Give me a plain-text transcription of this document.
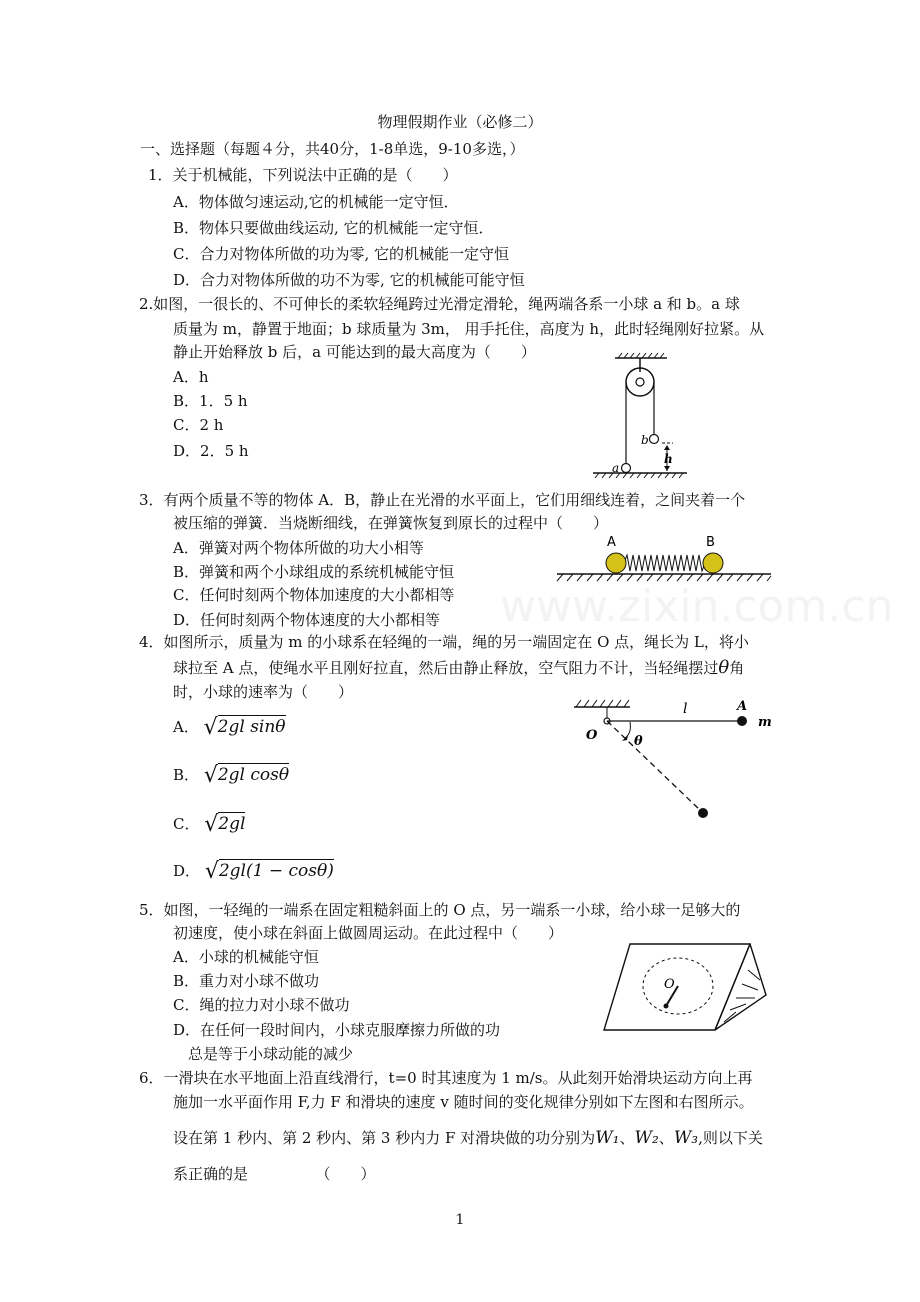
物理假期作业（必修二）
一、选择题（每题４分，共40分，1-8单选，9-10多选，）
1．关于机械能，下列说法中正确的是（　　）
A．物体做匀速运动,它的机械能一定守恒．
B．物体只要做曲线运动, 它的机械能一定守恒．
C．合力对物体所做的功为零, 它的机械能一定守恒
D．合力对物体所做的功不为零, 它的机械能可能守恒
2.如图，一很长的、不可伸长的柔软轻绳跨过光滑定滑轮，绳两端各系一小球 a 和 b。a 球
质量为 m，静置于地面；b 球质量为 3m， 用手托住，高度为 h，此时轻绳刚好拉紧。从
静止开始释放 b 后，a 可能达到的最大高度为（　　）
A．h
B．1．5 h
C．2 h
D．2．5 h
b
h
a
3．有两个质量不等的物体 A．B，静止在光滑的水平面上，它们用细线连着，之间夹着一个
被压缩的弹簧．当烧断细线，在弹簧恢复到原长的过程中（　　）
A．弹簧对两个物体所做的功大小相等
B．弹簧和两个小球组成的系统机械能守恒
C．任何时刻两个物体加速度的大小都相等
D．任何时刻两个物体速度的大小都相等
A	B
4．如图所示，质量为 m 的小球系在轻绳的一端，绳的另一端固定在 O 点，绳长为 L，将小
球拉至 A 点，使绳水平且刚好拉直，然后由静止释放，空气阻力不计，当轻绳摆过θ角
时，小球的速率为（　　）
A． √2gl sinθ
B． √2gl cosθ
C． √2gl
D． √2gl(1 − cosθ)
O
l	A
m
θ
5．如图，一轻绳的一端系在固定粗糙斜面上的 O 点，另一端系一小球，给小球一足够大的
初速度，使小球在斜面上做圆周运动。在此过程中（　　）
A．小球的机械能守恒
B．重力对小球不做功
C．绳的拉力对小球不做功
D．在任何一段时间内，小球克服摩擦力所做的功
　总是等于小球动能的减少
O
6．一滑块在水平地面上沿直线滑行，t=0 时其速度为 1 m/s。从此刻开始滑块运动方向上再
施加一水平面作用 F,力 F 和滑块的速度 v 随时间的变化规律分别如下左图和右图所示。
设在第 1 秒内、第 2 秒内、第 3 秒内力 F 对滑块做的功分别为W₁、W₂、W₃,则以下关
系正确的是　　　　　（　　）
www.zixin.com.cn
1
